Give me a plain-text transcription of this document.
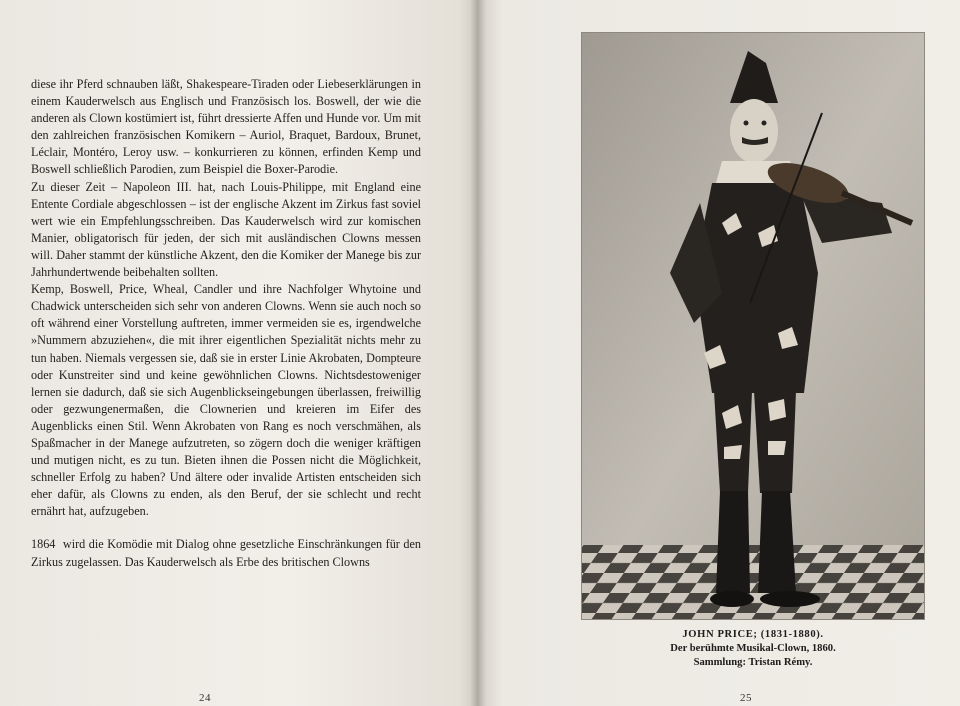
diese ihr Pferd schnauben läßt, Shakespeare-Tiraden oder Liebeserklärungen in einem Kauderwelsch aus Englisch und Französisch los. Boswell, der wie die anderen als Clown kostümiert ist, führt dressierte Affen und Hunde vor. Um mit den zahlreichen französischen Komikern – Auriol, Braquet, Bardoux, Brunet, Léclair, Montéro, Leroy usw. – konkurrieren zu können, erfinden Kemp und Boswell schließlich Parodien, zum Beispiel die Boxer-Parodie.

Zu dieser Zeit – Napoleon III. hat, nach Louis-Philippe, mit England eine Entente Cordiale abgeschlossen – ist der englische Akzent im Zirkus fast soviel wert wie ein Empfehlungsschreiben. Das Kauderwelsch wird zur komischen Manier, obligatorisch für jeden, der sich mit ausländischen Clowns messen will. Daher stammt der künstliche Akzent, den die Komiker der Manege bis zur Jahrhundertwende beibehalten sollten.

Kemp, Boswell, Price, Wheal, Candler und ihre Nachfolger Whytoine und Chadwick unterscheiden sich sehr von anderen Clowns. Wenn sie auch noch so oft während einer Vorstellung auftreten, immer vermeiden sie es, irgendwelche »Nummern abzuziehen«, die mit ihrer eigentlichen Spezialität nichts mehr zu tun haben. Niemals vergessen sie, daß sie in erster Linie Akrobaten, Dompteure oder Kunstreiter sind und keine gewöhnlichen Clowns. Nichtsdestoweniger lernen sie dadurch, daß sie sich Augenblickseingebungen überlassen, freiwillig oder gezwungenermaßen, die Clownerien und kreieren im Eifer des Augenblicks einen Stil. Wenn Akrobaten von Rang es noch verschmähen, als Spaßmacher in der Manege aufzutreten, so zögern doch die weniger kräftigen und mutigen nicht, es zu tun. Bieten ihnen die Possen nicht die Möglichkeit, schneller Erfolg zu haben? Und ältere oder invalide Artisten entscheiden sich eher dafür, als Clowns zu enden, als den Beruf, der sie schlecht und recht ernährt hat, aufzugeben.

1864 wird die Komödie mit Dialog ohne gesetzliche Einschränkungen für den Zirkus zugelassen. Das Kauderwelsch als Erbe des britischen Clowns

24	25
JOHN PRICE; (1831-1880).
Der berühmte Musikal-Clown, 1860.
Sammlung: Tristan Rémy.
